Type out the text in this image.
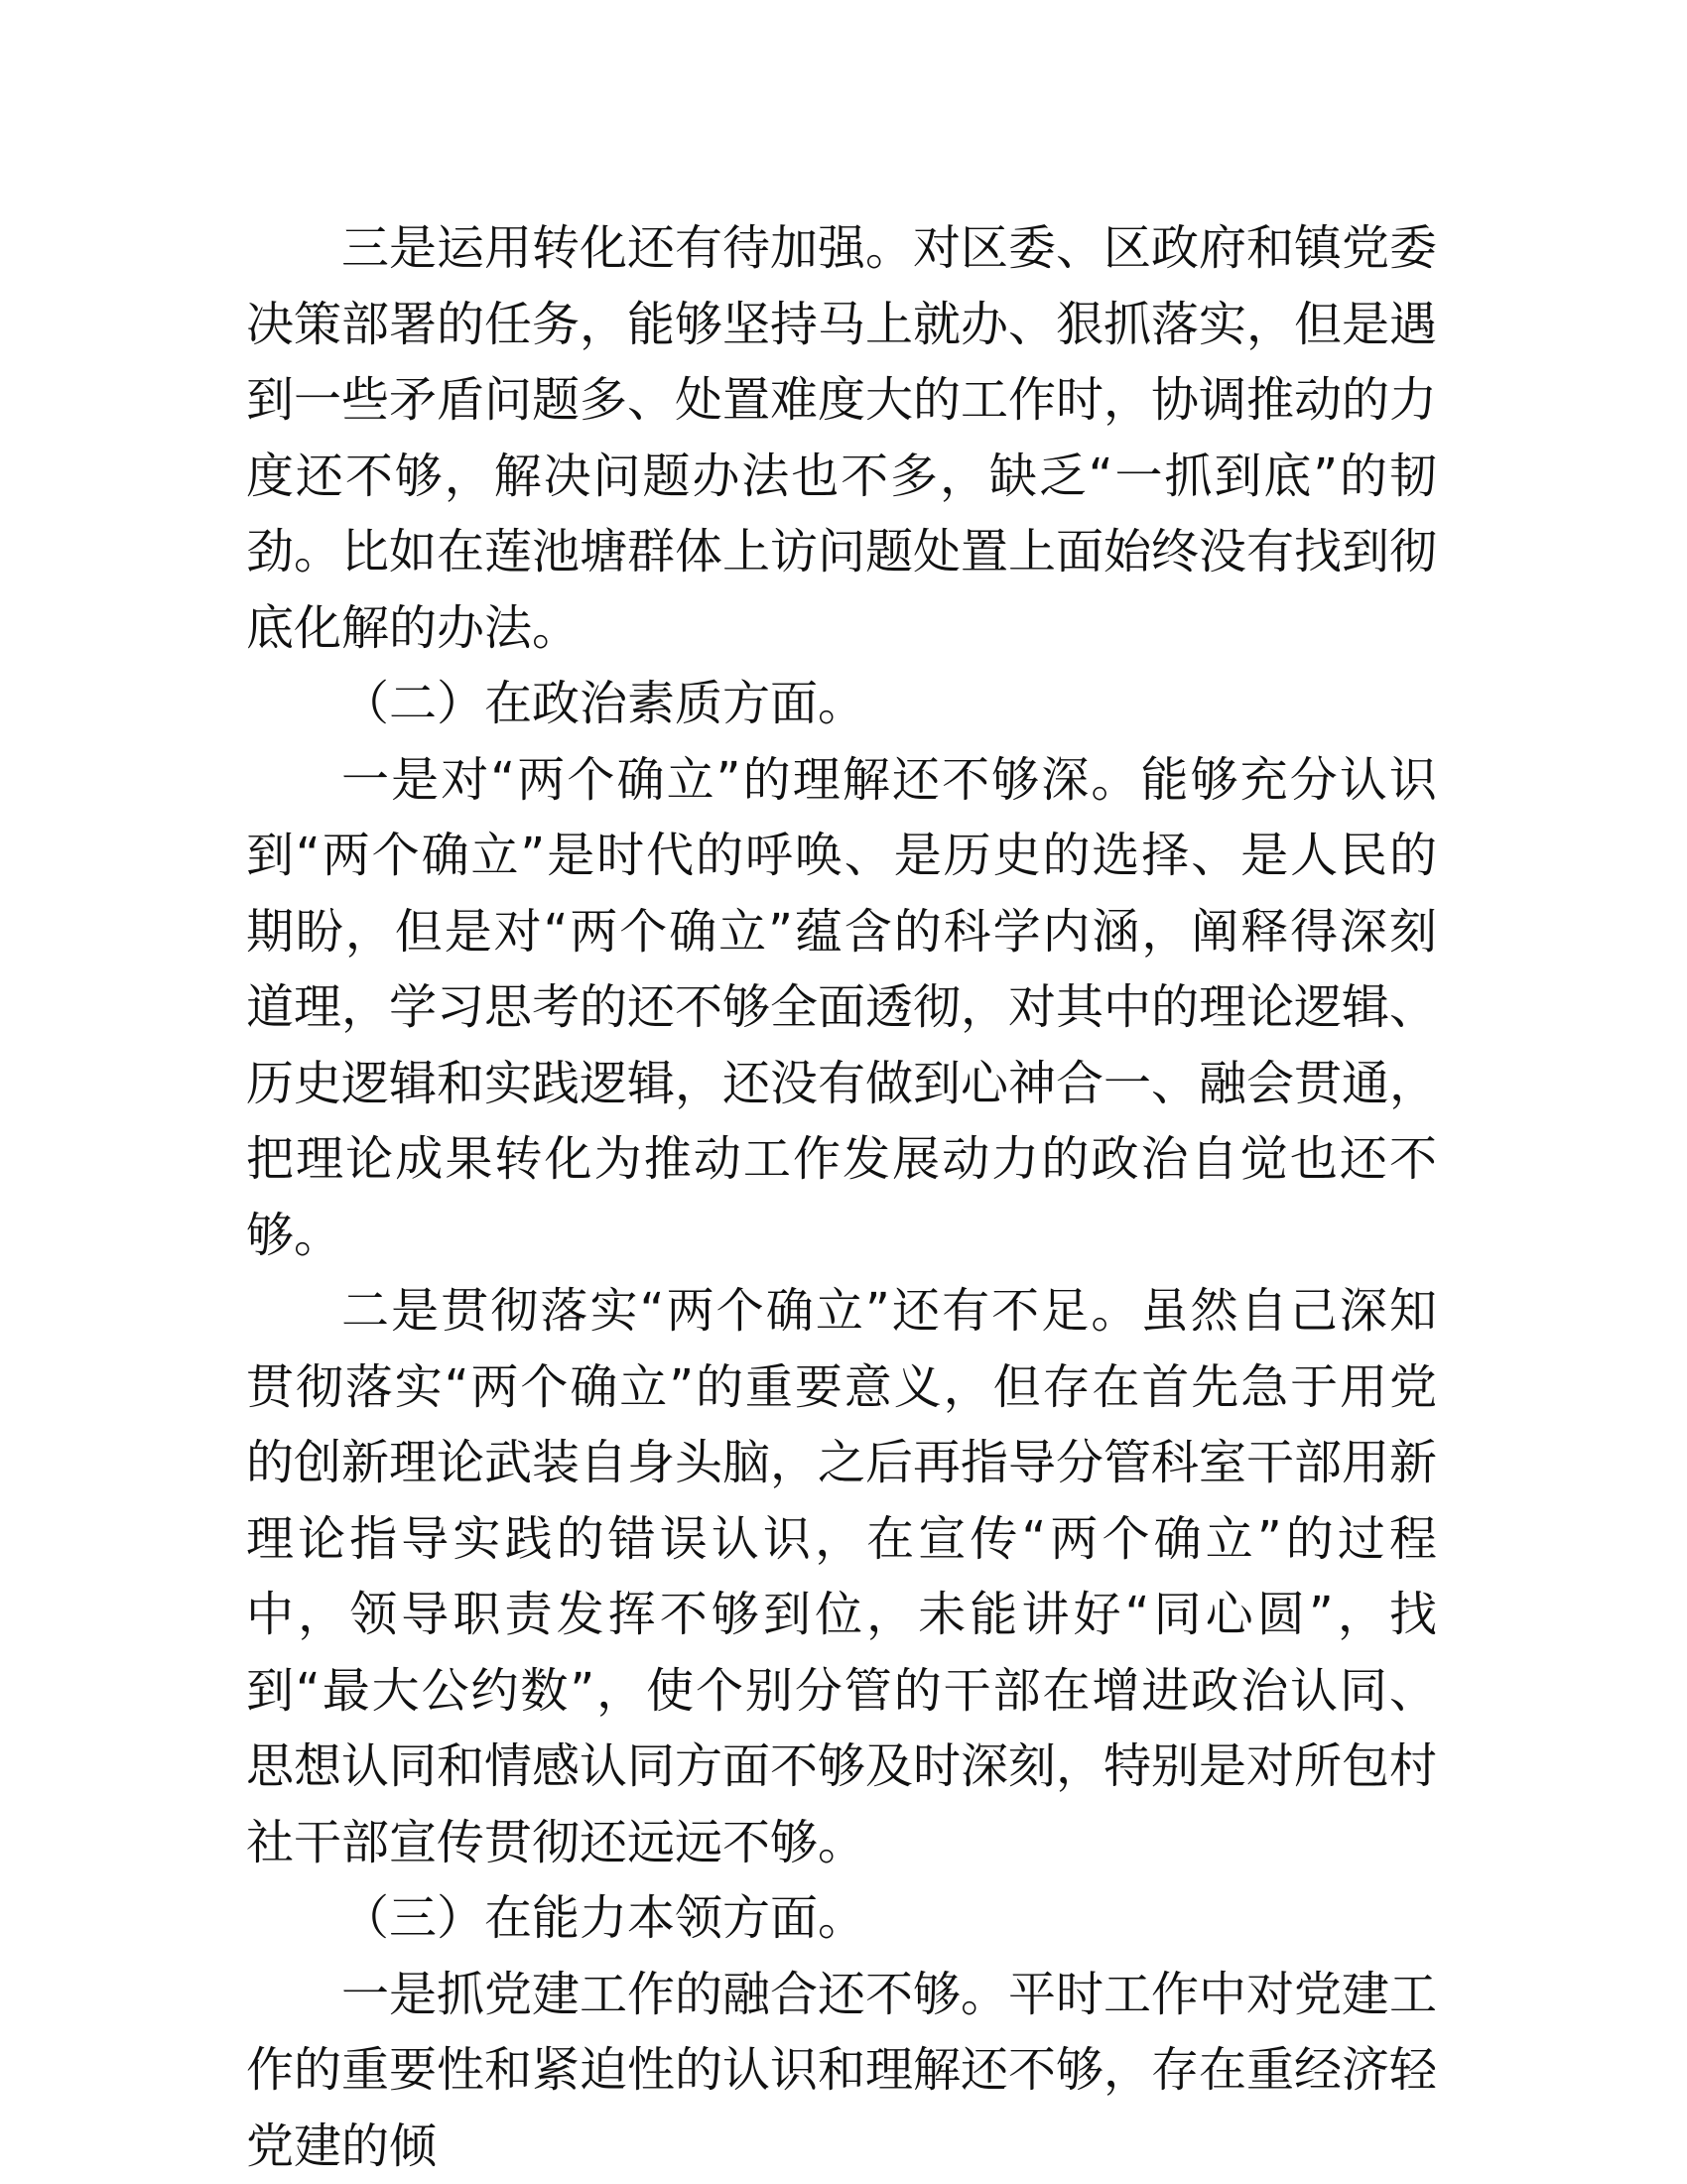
三是运用转化还有待加强。对区委、区政府和镇党委决策部署的任务，能够坚持马上就办、狠抓落实，但是遇到一些矛盾问题多、处置难度大的工作时，协调推动的力度还不够，解决问题办法也不多，缺乏“一抓到底”的韧劲。比如在莲池塘群体上访问题处置上面始终没有找到彻底化解的办法。

（二）在政治素质方面。

一是对“两个确立”的理解还不够深。能够充分认识到“两个确立”是时代的呼唤、是历史的选择、是人民的期盼，但是对“两个确立”蕴含的科学内涵，阐释得深刻道理，学习思考的还不够全面透彻，对其中的理论逻辑、历史逻辑和实践逻辑，还没有做到心神合一、融会贯通，把理论成果转化为推动工作发展动力的政治自觉也还不够。

二是贯彻落实“两个确立”还有不足。虽然自己深知贯彻落实“两个确立”的重要意义，但存在首先急于用党的创新理论武装自身头脑，之后再指导分管科室干部用新理论指导实践的错误认识，在宣传“两个确立”的过程中，领导职责发挥不够到位，未能讲好“同心圆”，找到“最大公约数”，使个别分管的干部在增进政治认同、思想认同和情感认同方面不够及时深刻，特别是对所包村社干部宣传贯彻还远远不够。

（三）在能力本领方面。

一是抓党建工作的融合还不够。平时工作中对党建工作的重要性和紧迫性的认识和理解还不够，存在重经济轻党建的倾
